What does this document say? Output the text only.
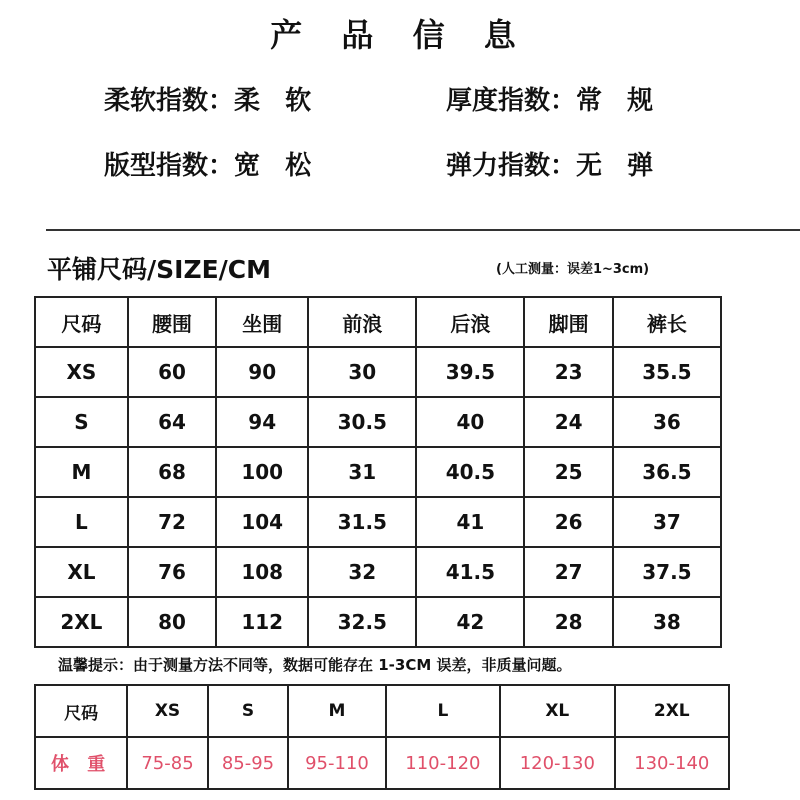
产 品 信 息
柔软指数：柔 软	厚度指数：常 规
版型指数：宽 松	弹力指数：无 弹
平铺尺码/SIZE/CM	(人工测量：误差1~3cm)
尺码	腰围	坐围	前浪	后浪	脚围	裤长
XS	60	90	30	39.5	23	35.5
S	64	94	30.5	40	24	36
M	68	100	31	40.5	25	36.5
L	72	104	31.5	41	26	37
XL	76	108	32	41.5	27	37.5
2XL	80	112	32.5	42	28	38
温馨提示：由于测量方法不同等，数据可能存在 1-3CM 误差，非质量问题。
尺码	XS	S	M	L	XL	2XL
体 重	75-85	85-95	95-110	110-120	120-130	130-140
